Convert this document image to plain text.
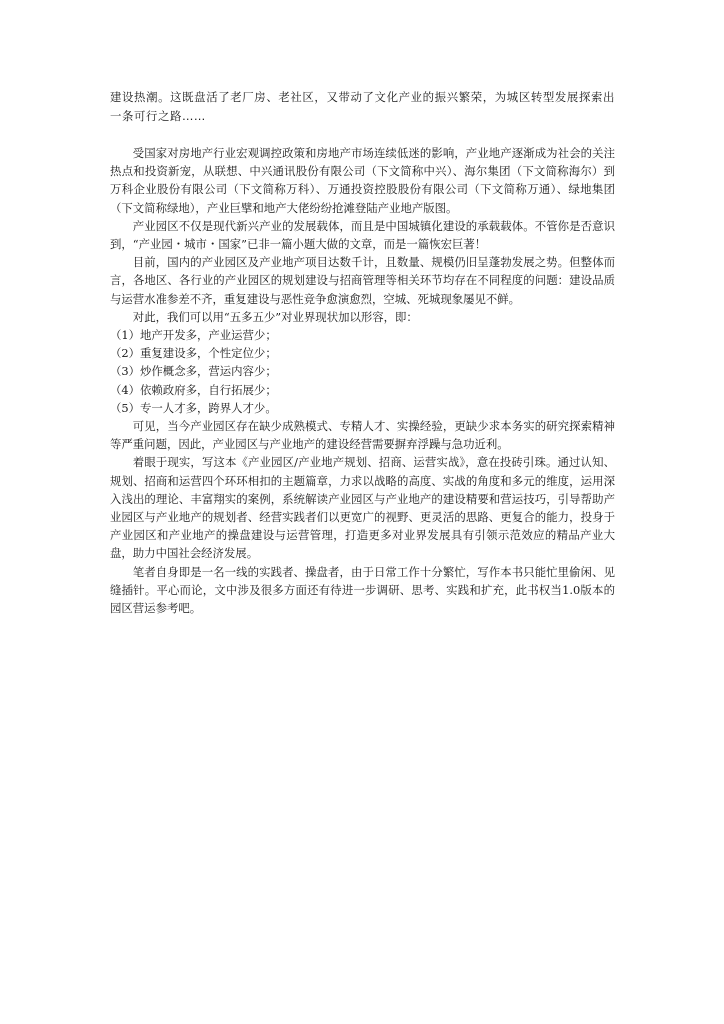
建设热潮。这既盘活了老厂房、老社区，又带动了文化产业的振兴繁荣，为城区转型发展探索出一条可行之路……

受国家对房地产行业宏观调控政策和房地产市场连续低迷的影响，产业地产逐渐成为社会的关注热点和投资新宠，从联想、中兴通讯股份有限公司（下文简称中兴）、海尔集团（下文简称海尔）到万科企业股份有限公司（下文简称万科）、万通投资控股股份有限公司（下文简称万通）、绿地集团（下文简称绿地），产业巨擘和地产大佬纷纷抢滩登陆产业地产版图。

产业园区不仅是现代新兴产业的发展载体，而且是中国城镇化建设的承载载体。不管你是否意识到，“产业园・城市・国家”已非一篇小题大做的文章，而是一篇恢宏巨著！

目前，国内的产业园区及产业地产项目达数千计，且数量、规模仍旧呈蓬勃发展之势。但整体而言，各地区、各行业的产业园区的规划建设与招商管理等相关环节均存在不同程度的问题：建设品质与运营水准参差不齐，重复建设与恶性竞争愈演愈烈，空城、死城现象屡见不鲜。

对此，我们可以用“五多五少”对业界现状加以形容，即：

（1）地产开发多，产业运营少；

（2）重复建设多，个性定位少；

（3）炒作概念多，营运内容少；

（4）依赖政府多，自行拓展少；

（5）专一人才多，跨界人才少。

可见，当今产业园区存在缺少成熟模式、专精人才、实操经验，更缺少求本务实的研究探索精神等严重问题，因此，产业园区与产业地产的建设经营需要摒弃浮躁与急功近利。

着眼于现实，写这本《产业园区/产业地产规划、招商、运营实战》，意在投砖引珠。通过认知、规划、招商和运营四个环环相扣的主题篇章，力求以战略的高度、实战的角度和多元的维度，运用深入浅出的理论、丰富翔实的案例，系统解读产业园区与产业地产的建设精要和营运技巧，引导帮助产业园区与产业地产的规划者、经营实践者们以更宽广的视野、更灵活的思路、更复合的能力，投身于产业园区和产业地产的操盘建设与运营管理，打造更多对业界发展具有引领示范效应的精品产业大盘，助力中国社会经济发展。

笔者自身即是一名一线的实践者、操盘者，由于日常工作十分繁忙，写作本书只能忙里偷闲、见缝插针。平心而论，文中涉及很多方面还有待进一步调研、思考、实践和扩充，此书权当1.0版本的园区营运参考吧。
